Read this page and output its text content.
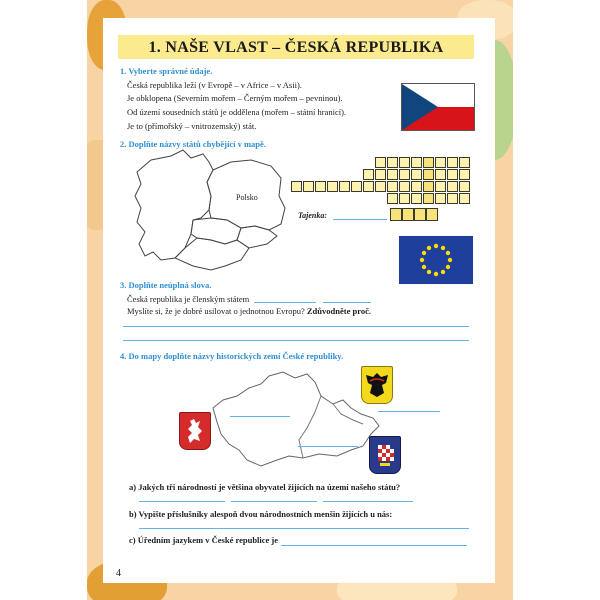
1. NAŠE VLAST – ČESKÁ REPUBLIKA
1. Vyberte správné údaje.
Česká republika leží (v Evropě – v Africe – v Asii).
Je obklopena (Severním mořem – Černým mořem – pevninou).
Od území sousedních států je oddělena (mořem – státní hranicí).
Je to (přímořský – vnitrozemský) stát.
2. Doplňte názvy států chybějící v mapě.
Polsko
Tajenka:
3. Doplňte neúplná slova.
Česká republika je členským státem
Myslíte si, že je dobré usilovat o jednotnou Evropu? Zdůvodněte proč.
4. Do mapy doplňte názvy historických zemí České republiky.
a) Jakých tři národností je většina obyvatel žijících na území našeho státu?
b) Vypište příslušníky alespoň dvou národnostních menšin žijících u nás:
c) Úředním jazykem v České republice je
4
